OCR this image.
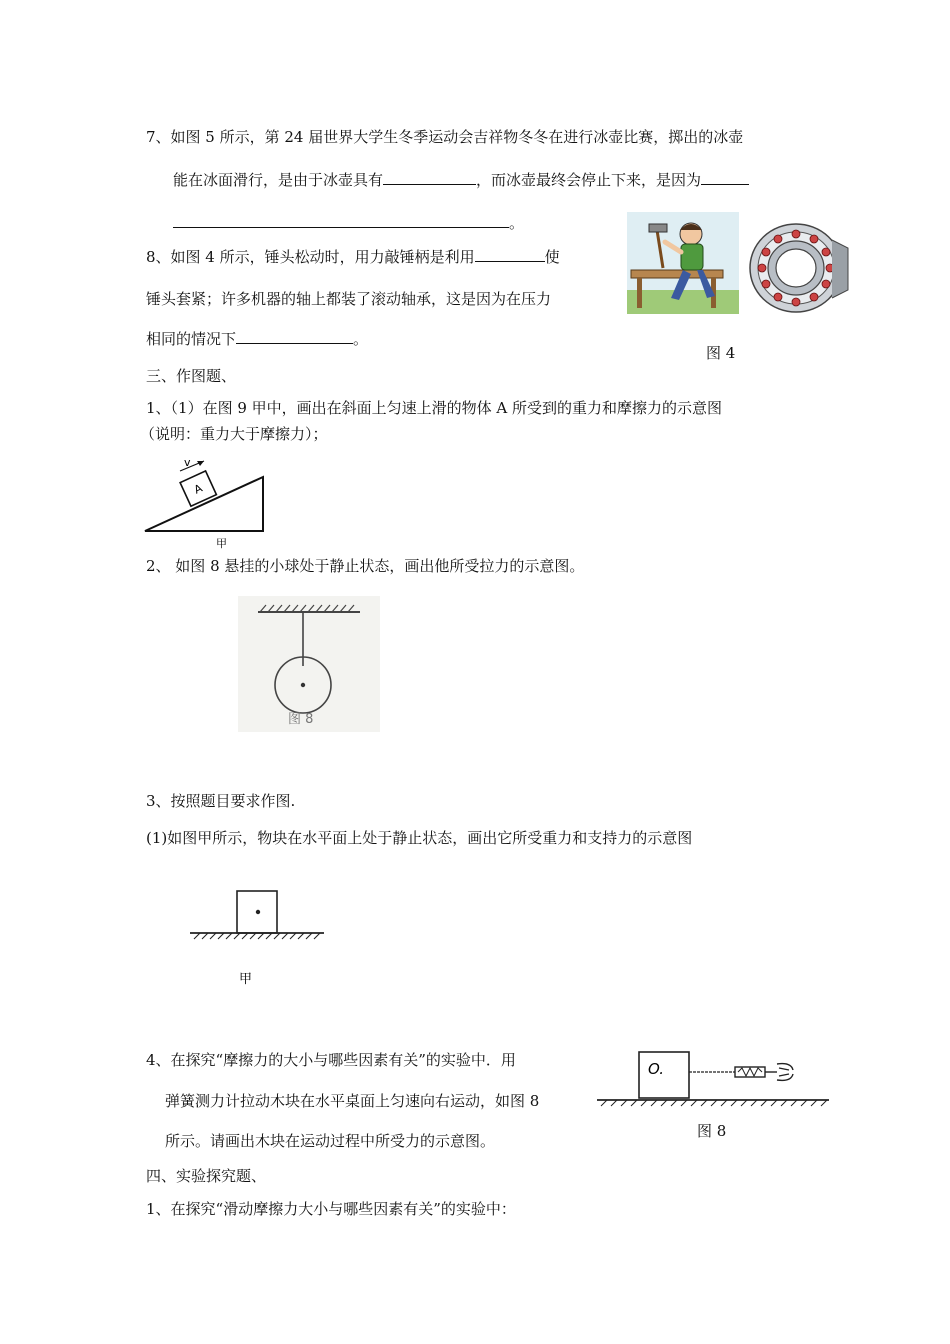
7、如图 5 所示，第 24 届世界大学生冬季运动会吉祥物冬冬在进行冰壶比赛，掷出的冰壶
能在冰面滑行，是由于冰壶具有	，而冰壶最终会停止下来，是因为
。
8、如图 4 所示，锤头松动时，用力敲锤柄是利用	使
锤头套紧；许多机器的轴上都装了滚动轴承，这是因为在压力
相同的情况下	。
图 4
三、作图题、
1、（1）在图 9 甲中，画出在斜面上匀速上滑的物体 A 所受到的重力和摩擦力的示意图
（说明：重力大于摩擦力）；
A
v
甲
2、 如图 8 悬挂的小球处于静止状态，画出他所受拉力的示意图。
图 8
3、按照题目要求作图.
(1)如图甲所示，物块在水平面上处于静止状态，画出它所受重力和支持力的示意图
甲
4、在探究“摩擦力的大小与哪些因素有关”的实验中．用
弹簧测力计拉动木块在水平桌面上匀速向右运动，如图 8
所示。请画出木块在运动过程中所受力的示意图。
O.
图 8
四、实验探究题、
1、在探究“滑动摩擦力大小与哪些因素有关”的实验中：
